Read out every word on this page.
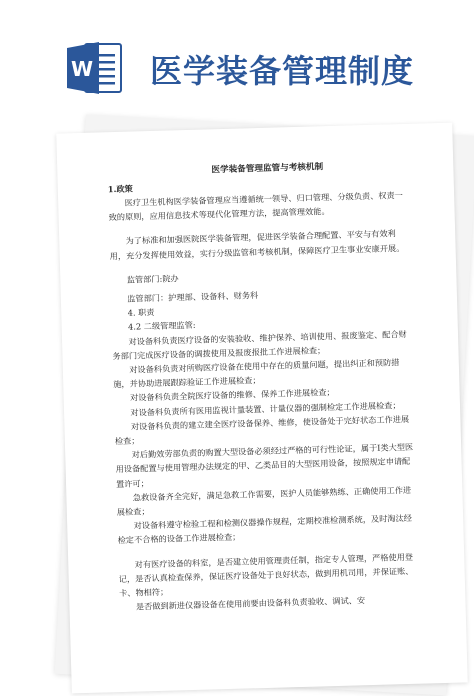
W 医学装备管理制度
医学装备管理监管与考核机制
1.政策
医疗卫生机构医学装备管理应当遵循统一领导、归口管理、分级负责、权责一致的原则，应用信息技术等现代化管理方法，提高管理效能。
为了标准和加强医院医学装备管理，促进医学装备合理配置、平安与有效利用，充分发挥使用效益，实行分级监管和考核机制，保障医疗卫生事业安康开展。
监管部门:院办
监管部门：护理部、设备科、财务科
4. 职责
4.2 二级管理监管:
对设备科负责医疗设备的安装验收、维护保养、培训使用、报废鉴定、配合财务部门完成医疗设备的调拨使用及报废报批工作进展检查；
对设备科负责对所购医疗设备在使用中存在的质量问题，提出纠正和预防措施，并协助进展跟踪验证工作进展检查；
对设备科负责全院医疗设备的维修、保养工作进展检查；
对设备科负责所有医用监视计量装置、计量仪器的强制检定工作进展检查；
对设备科负责的建立建全医疗设备保养、维修，使设备处于完好状态工作进展检查；
对后勤效劳部负责的购置大型设备必须经过严格的可行性论证，属于Ⅰ类大型医用设备配置与使用管理办法规定的甲、乙类品目的大型医用设备，按照规定申请配置许可；
急救设备齐全完好，满足急救工作需要，医护人员能够熟练、正确使用工作进展检查；
对设备科遵守检验工程和检测仪器操作规程，定期校准检测系统，及时淘汰经检定不合格的设备工作进展检查；
对有医疗设备的科室，是否建立使用管理责任制，指定专人管理，严格使用登记，是否认真检查保养，保证医疗设备处于良好状态，做到用机司用，并保证账、卡、物相符；
是否做到新进仪器设备在使用前要由设备科负责验收、调试、安
